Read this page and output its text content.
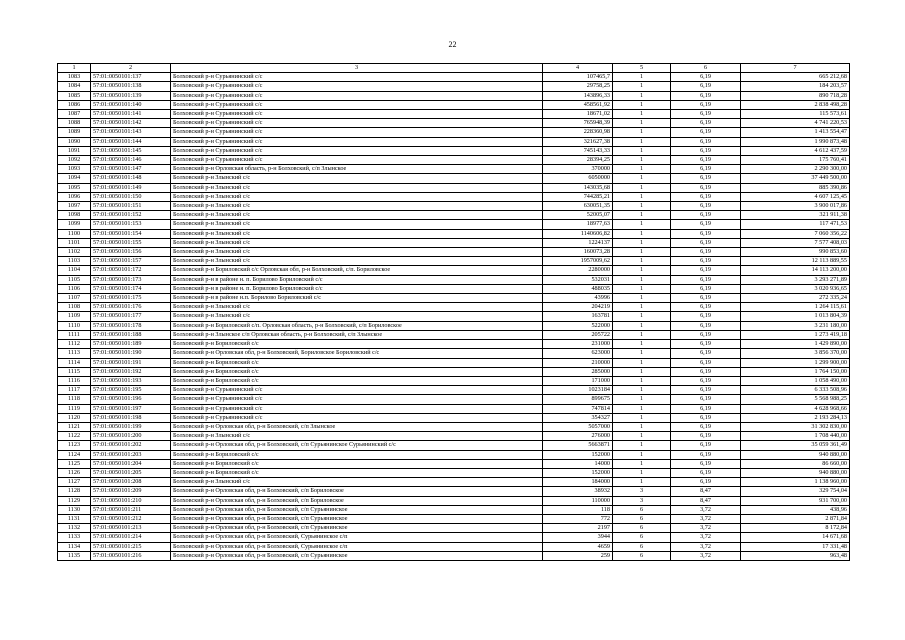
22
1	2	3	4	5	6	7
1083	57:01:0050101:137	Болховский р-н Сурьянинский с/с	107465,7	1	6,19	665 212,68
1084	57:01:0050101:138	Болховский р-н Сурьянинский с/с	29758,25	1	6,19	184 203,57
1085	57:01:0050101:139	Болховский р-н Сурьянинский с/с	143896,33	1	6,19	890 718,28
1086	57:01:0050101:140	Болховский р-н Сурьянинский с/с	458561,92	1	6,19	2 838 498,28
1087	57:01:0050101:141	Болховский р-н Сурьянинский с/с	18671,02	1	6,19	115 573,61
1088	57:01:0050101:142	Болховский р-н Сурьянинский с/с	765948,39	1	6,19	4 741 220,53
1089	57:01:0050101:143	Болховский р-н Сурьянинский с/с	228360,98	1	6,19	1 413 554,47
1090	57:01:0050101:144	Болховский р-н Сурьянинский с/с	321627,38	1	6,19	1 990 873,48
1091	57:01:0050101:145	Болховский р-н Сурьянинский с/с	745143,33	1	6,19	4 612 437,59
1092	57:01:0050101:146	Болховский р-н Сурьянинский с/с	28394,25	1	6,19	175 760,41
1093	57:01:0050101:147	Болховский р-н Орловская область, р-н Болховский, с/п Злынское	370000	1	6,19	2 290 300,00
1094	57:01:0050101:148	Болховский р-н Злынский с/с	6050000	1	6,19	37 449 500,00
1095	57:01:0050101:149	Болховский р-н Злынский с/с	143035,68	1	6,19	885 390,86
1096	57:01:0050101:150	Болховский р-н Злынский с/с	744285,21	1	6,19	4 607 125,45
1097	57:01:0050101:151	Болховский р-н Злынский с/с	630051,35	1	6,19	3 900 017,86
1098	57:01:0050101:152	Болховский р-н Злынский с/с	52005,07	1	6,19	321 911,38
1099	57:01:0050101:153	Болховский р-н Злынский с/с	18977,63	1	6,19	117 471,53
1100	57:01:0050101:154	Болховский р-н Злынский с/с	1140606,82	1	6,19	7 060 356,22
1101	57:01:0050101:155	Болховский р-н Злынский с/с	1224137	1	6,19	7 577 408,03
1102	57:01:0050101:156	Болховский р-н Злынский с/с	160073,28	1	6,19	990 853,60
1103	57:01:0050101:157	Болховский р-н Злынский с/с	1957009,62	1	6,19	12 113 889,55
1104	57:01:0050101:172	Болховский р-н Бориловский с/с Орловская обл, р-н Болховский, с/п. Бориловское	2280000	1	6,19	14 113 200,00
1105	57:01:0050101:173	Болховский р-н в районе н. п. Борилово Бориловский с/с	532031	1	6,19	3 293 271,89
1106	57:01:0050101:174	Болховский р-н в районе н. п. Борилово Бориловский с/с	488035	1	6,19	3 020 936,65
1107	57:01:0050101:175	Болховский р-н в районе н.п. Борилово Бориловский с/с	43996	1	6,19	272 335,24
1108	57:01:0050101:176	Болховский р-н Злынский с/с	204219	1	6,19	1 264 115,61
1109	57:01:0050101:177	Болховский р-н Злынский с/с	163781	1	6,19	1 013 804,39
1110	57:01:0050101:178	Болховский р-н Бориловский с/п. Орловская область, р-н Болховский, с/п Бориловское	522000	1	6,19	3 231 180,00
1111	57:01:0050101:188	Болховский р-н Злынское с/п Орловская область, р-н Болховский, с/п Злынское	205722	1	6,19	1 273 419,18
1112	57:01:0050101:189	Болховский р-н Бориловский с/с	231000	1	6,19	1 429 890,00
1113	57:01:0050101:190	Болховский р-н Орловская обл, р-н Болховский, Бориловское Бориловский с/с	623000	1	6,19	3 856 370,00
1114	57:01:0050101:191	Болховский р-н Бориловский с/с	210000	1	6,19	1 299 900,00
1115	57:01:0050101:192	Болховский р-н Бориловский с/с	285000	1	6,19	1 764 150,00
1116	57:01:0050101:193	Болховский р-н Бориловский с/с	171000	1	6,19	1 058 490,00
1117	57:01:0050101:195	Болховский р-н Сурьянинский с/с	1023184	1	6,19	6 333 508,96
1118	57:01:0050101:196	Болховский р-н Сурьянинский с/с	899675	1	6,19	5 568 988,25
1119	57:01:0050101:197	Болховский р-н Сурьянинский с/с	747814	1	6,19	4 628 968,66
1120	57:01:0050101:198	Болховский р-н Сурьянинский с/с	354327	1	6,19	2 193 284,13
1121	57:01:0050101:199	Болховский р-н Орловская обл, р-н Болховский, с/п Злынское	5057000	1	6,19	31 302 830,00
1122	57:01:0050101:200	Болховский р-н Злынский с/с	276000	1	6,19	1 708 440,00
1123	57:01:0050101:202	Болховский р-н Орловская обл, р-н Болховский, с/п Сурьянинское Сурьянинский с/с	5663871	1	6,19	35 059 361,49
1124	57:01:0050101:203	Болховский р-н Бориловский с/с	152000	1	6,19	940 880,00
1125	57:01:0050101:204	Болховский р-н Бориловский с/с	14000	1	6,19	86 660,00
1126	57:01:0050101:205	Болховский р-н Бориловский с/с	152000	1	6,19	940 880,00
1127	57:01:0050101:208	Болховский р-н Злынский с/с	184000	1	6,19	1 138 960,00
1128	57:01:0050101:209	Болховский р-н Орловская обл, р-н Болховский, с/п Бориловское	38932	3	8,47	329 754,04
1129	57:01:0050101:210	Болховский р-н Орловская обл, р-н Болховский, с/п Бориловское	110000	3	8,47	931 700,00
1130	57:01:0050101:211	Болховский р-н Орловская обл, р-н Болховский, с/п Сурьянинское	118	6	3,72	438,96
1131	57:01:0050101:212	Болховский р-н Орловская обл, р-н Болховский, с/п Сурьянинское	772	6	3,72	2 871,84
1132	57:01:0050101:213	Болховский р-н Орловская обл, р-н Болховский, с/п Сурьянинское	2197	6	3,72	8 172,84
1133	57:01:0050101:214	Болховский р-н Орловская обл, р-н Болховский, Сурьянинское с/п	3944	6	3,72	14 671,68
1134	57:01:0050101:215	Болховский р-н Орловская обл, р-н Болховский, Сурьянинское с/п	4659	6	3,72	17 331,48
1135	57:01:0050101:216	Болховский р-н Орловская обл, р-н Болховский, с/п Сурьянинское	259	6	3,72	963,48
